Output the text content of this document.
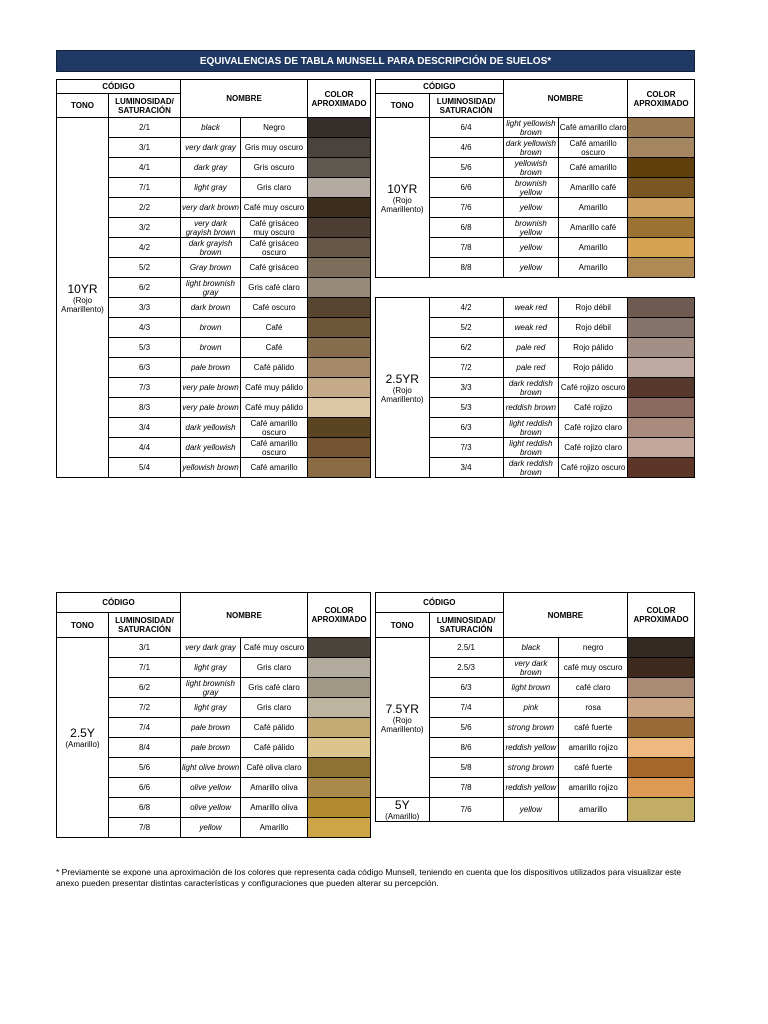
EQUIVALENCIAS DE TABLA MUNSELL PARA DESCRIPCIÓN DE SUELOS*
CÓDIGO		NOMBRE		COLOR APROXIMADO
TONO	LUMINOSIDAD/ SATURACIÓN			

10YR
(Rojo Amarillento)	2/1	black	Negro	
	3/1	very dark gray	Gris muy oscuro	
	4/1	dark gray	Gris oscuro	
	7/1	light gray	Gris claro	
	2/2	very dark brown	Café muy oscuro	
	3/2	very dark grayish brown	Café grisáceo muy oscuro	
	4/2	dark grayish brown	Café grisáceo oscuro	
	5/2	Gray brown	Café grisáceo	
	6/2	light brownish gray	Gris café claro	
	3/3	dark brown	Café oscuro	
	4/3	brown	Café	
	5/3	brown	Café	
	6/3	pale brown	Café pálido	
	7/3	very pale brown	Café muy pálido	
	8/3	very pale brown	Café muy pálido	
	3/4	dark yellowish	Café amarillo oscuro	
	4/4	dark yellowish	Café amarillo oscuro	
	5/4	yellowish brown	Café amarillo	
CÓDIGO		NOMBRE		COLOR APROXIMADO
TONO	LUMINOSIDAD/ SATURACIÓN			

10YR
(Rojo Amarillento)	6/4	light yellowish brown	Café amarillo claro	
	4/6	dark yellowish brown	Café amarillo oscuro	
	5/6	yellowish brown	Café amarillo	
	6/6	brownish yellow	Amarillo café	
	7/6	yellow	Amarillo	
	6/8	brownish yellow	Amarillo café	
	7/8	yellow	Amarillo	
	8/8	yellow	Amarillo	

2.5YR
(Rojo Amarillento)	4/2	weak red	Rojo débil	
	5/2	weak red	Rojo débil	
	6/2	pale red	Rojo pálido	
	7/2	pale red	Rojo pálido	
	3/3	dark reddish brown	Café rojizo oscuro	
	5/3	reddish brown	Café rojizo	
	6/3	light reddish brown	Café rojizo claro	
	7/3	light reddish brown	Café rojizo claro	
	3/4	dark reddish brown	Café rojizo oscuro	
CÓDIGO		NOMBRE		COLOR APROXIMADO
TONO	LUMINOSIDAD/ SATURACIÓN			

2.5Y
(Amarillo)	3/1	very dark gray	Café muy oscuro	
	7/1	light gray	Gris claro	
	6/2	light brownish gray	Gris café claro	
	7/2	light gray	Gris claro	
	7/4	pale brown	Café pálido	
	8/4	pale brown	Café pálido	
	5/6	light olive brown	Café oliva claro	
	6/6	olive yellow	Amarillo oliva	
	6/8	olive yellow	Amarillo oliva	
	7/8	yellow	Amarillo	
CÓDIGO		NOMBRE		COLOR APROXIMADO
TONO	LUMINOSIDAD/ SATURACIÓN			

7.5YR
(Rojo Amarillento)	2.5/1	black	negro	
	2.5/3	very dark brown	café muy oscuro	
	6/3	light brown	café claro	
	7/4	pink	rosa	
	5/6	strong brown	café fuerte	
	8/6	reddish yellow	amarillo rojizo	
	5/8	strong brown	café fuerte	
	7/8	reddish yellow	amarillo rojizo	

5Y
(Amarillo)	7/6	yellow	amarillo	
* Previamente se expone una aproximación de los colores que representa cada código Munsell, teniendo en cuenta que los dispositivos utilizados para visualizar este anexo pueden presentar distintas características y configuraciones que pueden alterar su percepción.
